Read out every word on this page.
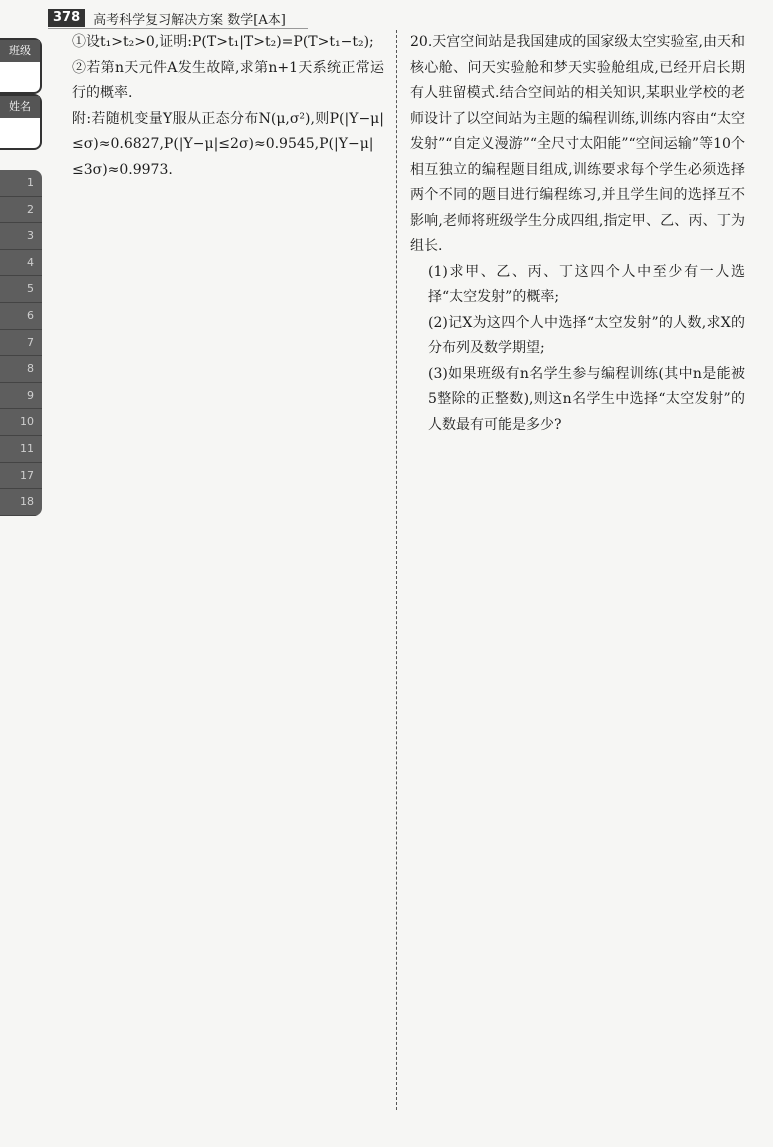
378	高考科学复习解决方案 数学[A本]
班级
姓名
1
2
3
4
5
6
7
8
9
10
11
17
18

①设t₁>t₂>0,证明:P(T>t₁|T>t₂)=P(T>t₁−t₂);

②若第n天元件A发生故障,求第n+1天系统正常运行的概率.

附:若随机变量Y服从正态分布N(μ,σ²),则P(|Y−μ|≤σ)≈0.6827,P(|Y−μ|≤2σ)≈0.9545,P(|Y−μ|≤3σ)≈0.9973.

20.天宫空间站是我国建成的国家级太空实验室,由天和核心舱、问天实验舱和梦天实验舱组成,已经开启长期有人驻留模式.结合空间站的相关知识,某职业学校的老师设计了以空间站为主题的编程训练,训练内容由“太空发射”“自定义漫游”“全尺寸太阳能”“空间运输”等10个相互独立的编程题目组成,训练要求每个学生必须选择两个不同的题目进行编程练习,并且学生间的选择互不影响,老师将班级学生分成四组,指定甲、乙、丙、丁为组长.

(1)求甲、乙、丙、丁这四个人中至少有一人选择“太空发射”的概率;

(2)记X为这四个人中选择“太空发射”的人数,求X的分布列及数学期望;

(3)如果班级有n名学生参与编程训练(其中n是能被5整除的正整数),则这n名学生中选择“太空发射”的人数最有可能是多少?
